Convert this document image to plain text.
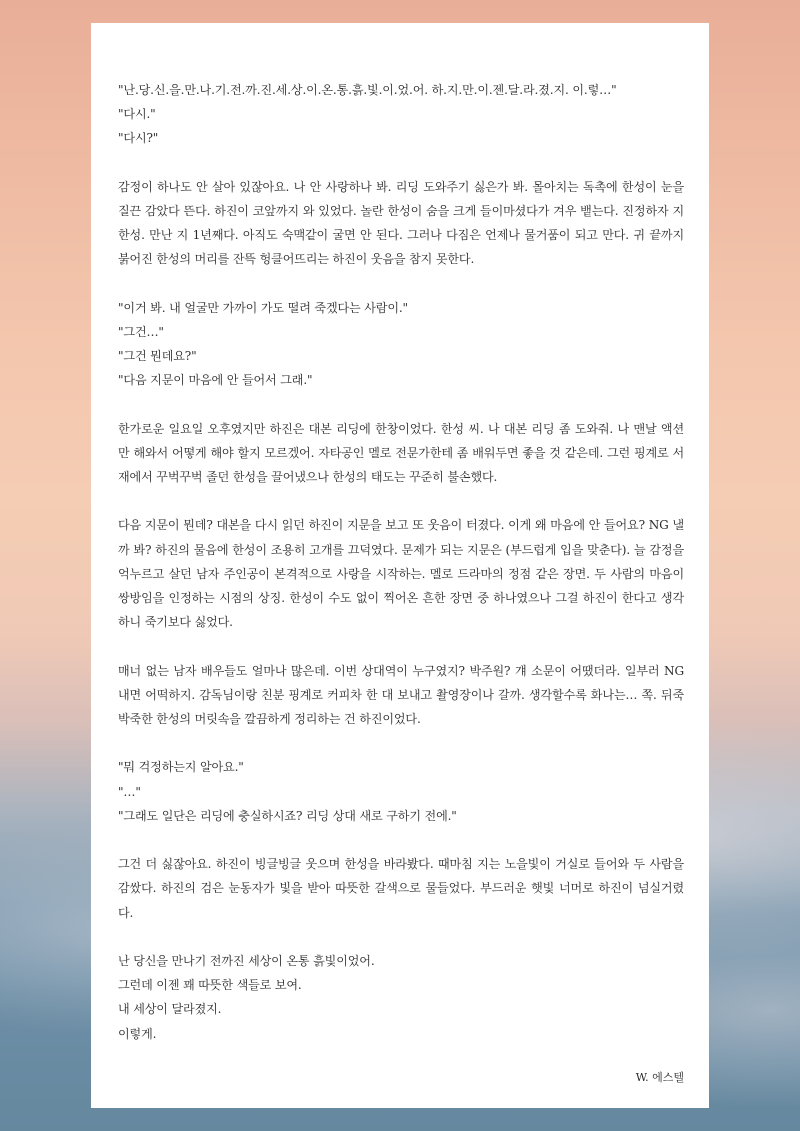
"난.당.신.을.만.나.기.전.까.진.세.상.이.온.통.흙.빛.이.었.어. 하.지.만.이.젠.달.라.졌.지. 이.렇…"
"다시."
"다시?"

감정이 하나도 안 살아 있잖아요. 나 안 사랑하나 봐. 리딩 도와주기 싫은가 봐. 몰아치는 독촉에 한성이 눈을 질끈 감았다 뜬다. 하진이 코앞까지 와 있었다. 놀란 한성이 숨을 크게 들이마셨다가 겨우 뱉는다. 진정하자 지한성. 만난 지 1년째다. 아직도 숙맥같이 굴면 안 된다. 그러나 다짐은 언제나 물거품이 되고 만다. 귀 끝까지 붉어진 한성의 머리를 잔뜩 헝클어뜨리는 하진이 웃음을 참지 못한다.

"이거 봐. 내 얼굴만 가까이 가도 떨려 죽겠다는 사람이."
"그건…"
"그건 뭔데요?"
"다음 지문이 마음에 안 들어서 그래."

한가로운 일요일 오후였지만 하진은 대본 리딩에 한창이었다. 한성 씨. 나 대본 리딩 좀 도와줘. 나 맨날 액션만 해와서 어떻게 해야 할지 모르겠어. 자타공인 멜로 전문가한테 좀 배워두면 좋을 것 같은데. 그런 핑계로 서재에서 꾸벅꾸벅 졸던 한성을 끌어냈으나 한성의 태도는 꾸준히 불손했다.

다음 지문이 뭔데? 대본을 다시 읽던 하진이 지문을 보고 또 웃음이 터졌다. 이게 왜 마음에 안 들어요? NG 낼까 봐? 하진의 물음에 한성이 조용히 고개를 끄덕였다. 문제가 되는 지문은 (부드럽게 입을 맞춘다). 늘 감정을 억누르고 살던 남자 주인공이 본격적으로 사랑을 시작하는. 멜로 드라마의 정점 같은 장면. 두 사람의 마음이 쌍방임을 인정하는 시점의 상징. 한성이 수도 없이 찍어온 흔한 장면 중 하나였으나 그걸 하진이 한다고 생각하니 죽기보다 싫었다.

매너 없는 남자 배우들도 얼마나 많은데. 이번 상대역이 누구였지? 박주원? 걔 소문이 어땠더라. 일부러 NG 내면 어떡하지. 감독님이랑 친분 핑계로 커피차 한 대 보내고 촬영장이나 갈까. 생각할수록 화나는… 쪽. 뒤죽박죽한 한성의 머릿속을 깔끔하게 정리하는 건 하진이었다.

"뭐 걱정하는지 알아요."
"…"
"그래도 일단은 리딩에 충실하시죠? 리딩 상대 새로 구하기 전에."

그건 더 싫잖아요. 하진이 빙글빙글 웃으며 한성을 바라봤다. 때마침 지는 노을빛이 거실로 들어와 두 사람을 감쌌다. 하진의 검은 눈동자가 빛을 받아 따뜻한 갈색으로 물들었다. 부드러운 햇빛 너머로 하진이 넘실거렸다.

난 당신을 만나기 전까진 세상이 온통 흙빛이었어.
그런데 이젠 꽤 따뜻한 색들로 보여.
내 세상이 달라졌지.
이렇게.
W. 에스텔
